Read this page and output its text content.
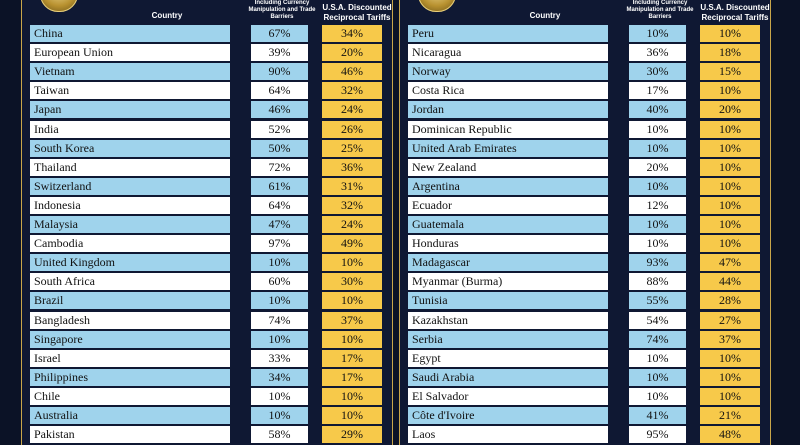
Country
Including Currency Manipulation and Trade Barriers
U.S.A. Discounted Reciprocal Tariffs
China	67%	34%
European Union	39%	20%
Vietnam	90%	46%
Taiwan	64%	32%
Japan	46%	24%
India	52%	26%
South Korea	50%	25%
Thailand	72%	36%
Switzerland	61%	31%
Indonesia	64%	32%
Malaysia	47%	24%
Cambodia	97%	49%
United Kingdom	10%	10%
South Africa	60%	30%
Brazil	10%	10%
Bangladesh	74%	37%
Singapore	10%	10%
Israel	33%	17%
Philippines	34%	17%
Chile	10%	10%
Australia	10%	10%
Pakistan	58%	29%
Country
Including Currency Manipulation and Trade Barriers
U.S.A. Discounted Reciprocal Tariffs
Peru	10%	10%
Nicaragua	36%	18%
Norway	30%	15%
Costa Rica	17%	10%
Jordan	40%	20%
Dominican Republic	10%	10%
United Arab Emirates	10%	10%
New Zealand	20%	10%
Argentina	10%	10%
Ecuador	12%	10%
Guatemala	10%	10%
Honduras	10%	10%
Madagascar	93%	47%
Myanmar (Burma)	88%	44%
Tunisia	55%	28%
Kazakhstan	54%	27%
Serbia	74%	37%
Egypt	10%	10%
Saudi Arabia	10%	10%
El Salvador	10%	10%
Côte d'Ivoire	41%	21%
Laos	95%	48%
